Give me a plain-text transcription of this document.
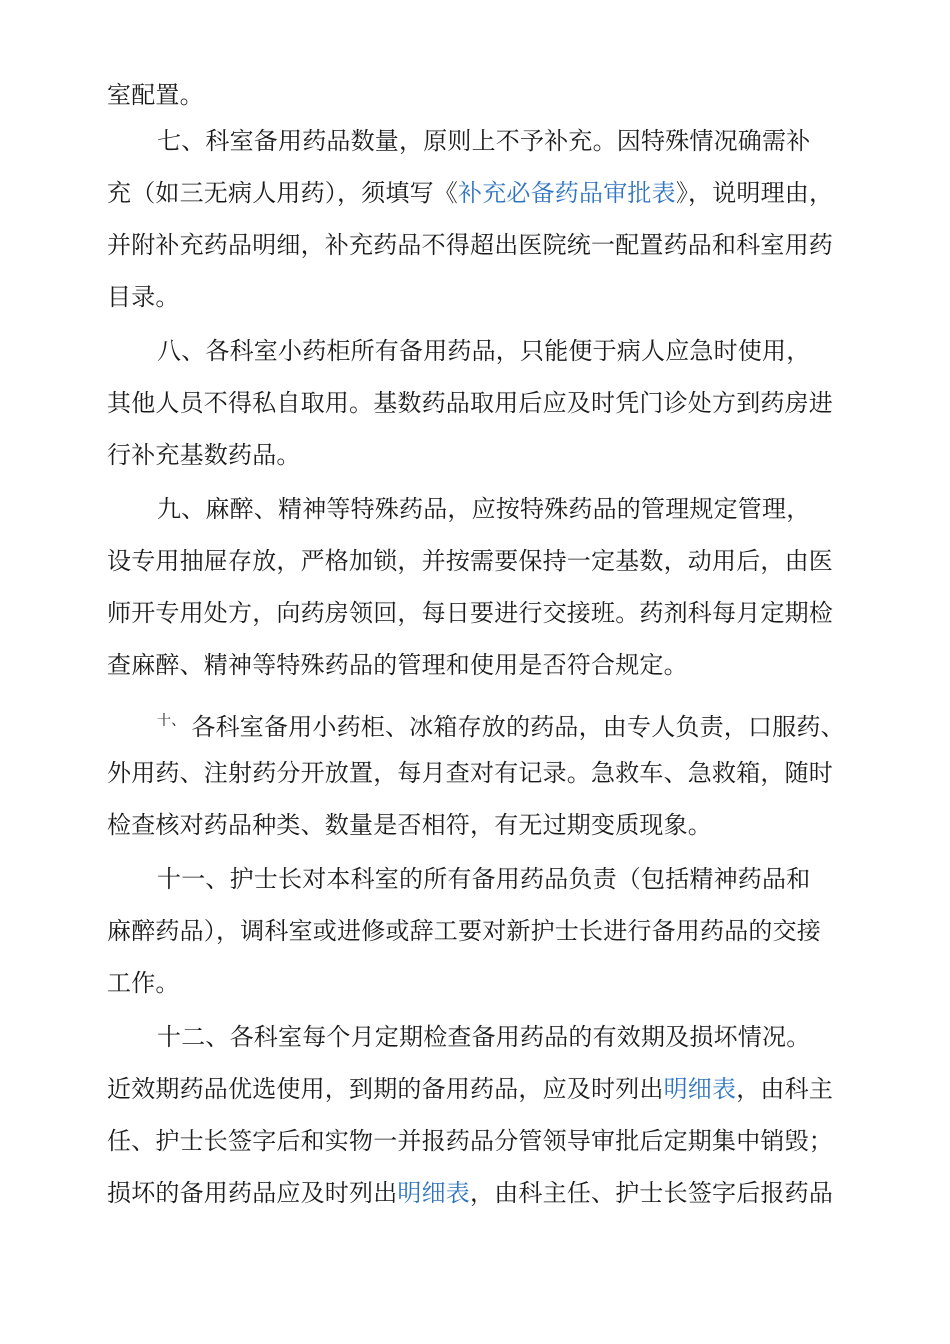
室配置。
七、科室备用药品数量，原则上不予补充。因特殊情况确需补
充（如三无病人用药），须填写《补充必备药品审批表》，说明理由，
并附补充药品明细，补充药品不得超出医院统一配置药品和科室用药
目录。
八、各科室小药柜所有备用药品，只能便于病人应急时使用，
其他人员不得私自取用。基数药品取用后应及时凭门诊处方到药房进
行补充基数药品。
九、麻醉、精神等特殊药品，应按特殊药品的管理规定管理，
设专用抽屉存放，严格加锁，并按需要保持一定基数，动用后，由医
师开专用处方，向药房领回，每日要进行交接班。药剂科每月定期检
查麻醉、精神等特殊药品的管理和使用是否符合规定。
$^{十、}$ 各科室备用小药柜、冰箱存放的药品，由专人负责，口服药、
外用药、注射药分开放置，每月查对有记录。急救车、急救箱，随时
检查核对药品种类、数量是否相符，有无过期变质现象。
十一、护士长对本科室的所有备用药品负责（包括精神药品和
麻醉药品），调科室或进修或辞工要对新护士长进行备用药品的交接
工作。
十二、各科室每个月定期检查备用药品的有效期及损坏情况。
近效期药品优选使用，到期的备用药品，应及时列出明细表，由科主
任、护士长签字后和实物一并报药品分管领导审批后定期集中销毁；
损坏的备用药品应及时列出明细表，由科主任、护士长签字后报药品
